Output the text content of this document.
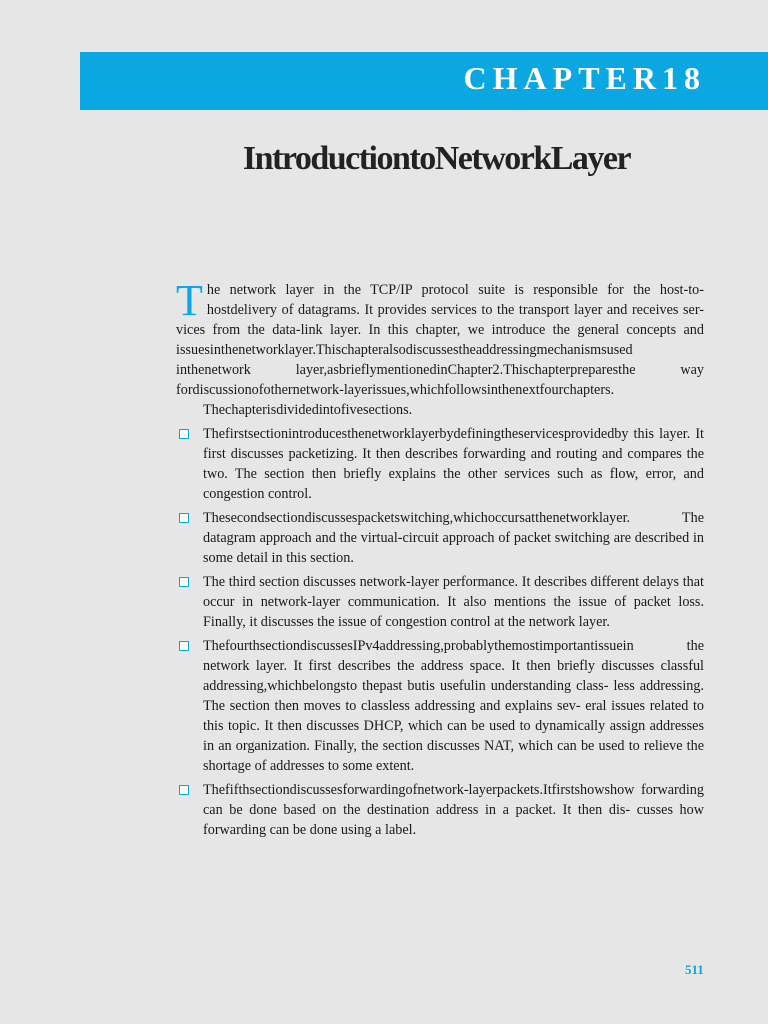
CHAPTER18
IntroductiontoNetworkLayer

T he network layer in the TCP/IP protocol suite is responsible for the host-to-hostdelivery of datagrams. It provides services to the transport layer and receives ser- vices from the data-link layer. In this chapter, we introduce the general concepts and issuesinthenetworklayer.Thischapteralsodiscussestheaddressingmechanismsused inthenetwork layer,asbrieflymentionedinChapter2.Thischapterpreparesthe way fordiscussionofothernetwork-layerissues,whichfollowsinthenextfourchapters.

Thechapterisdividedintofivesections.

Thefirstsectionintroducesthenetworklayerbydefiningtheservicesprovidedby this layer. It first discusses packetizing. It then describes forwarding and routing and compares the two. The section then briefly explains the other services such as flow, error, and congestion control.
Thesecondsectiondiscussespacketswitching,whichoccursatthenetworklayer. The datagram approach and the virtual-circuit approach of packet switching are described in some detail in this section.
The third section discusses network-layer performance. It describes different delays that occur in network-layer communication. It also mentions the issue of packet loss. Finally, it discusses the issue of congestion control at the network layer.
ThefourthsectiondiscussesIPv4addressing,probablythemostimportantissuein the network layer. It first describes the address space. It then briefly discusses classful addressing,whichbelongsto thepast butis usefulin understanding class- less addressing. The section then moves to classless addressing and explains sev- eral issues related to this topic. It then discusses DHCP, which can be used to dynamically assign addresses in an organization. Finally, the section discusses NAT, which can be used to relieve the shortage of addresses to some extent.
Thefifthsectiondiscussesforwardingofnetwork-layerpackets.Itfirstshowshow forwarding can be done based on the destination address in a packet. It then dis- cusses how forwarding can be done using a label.
511
